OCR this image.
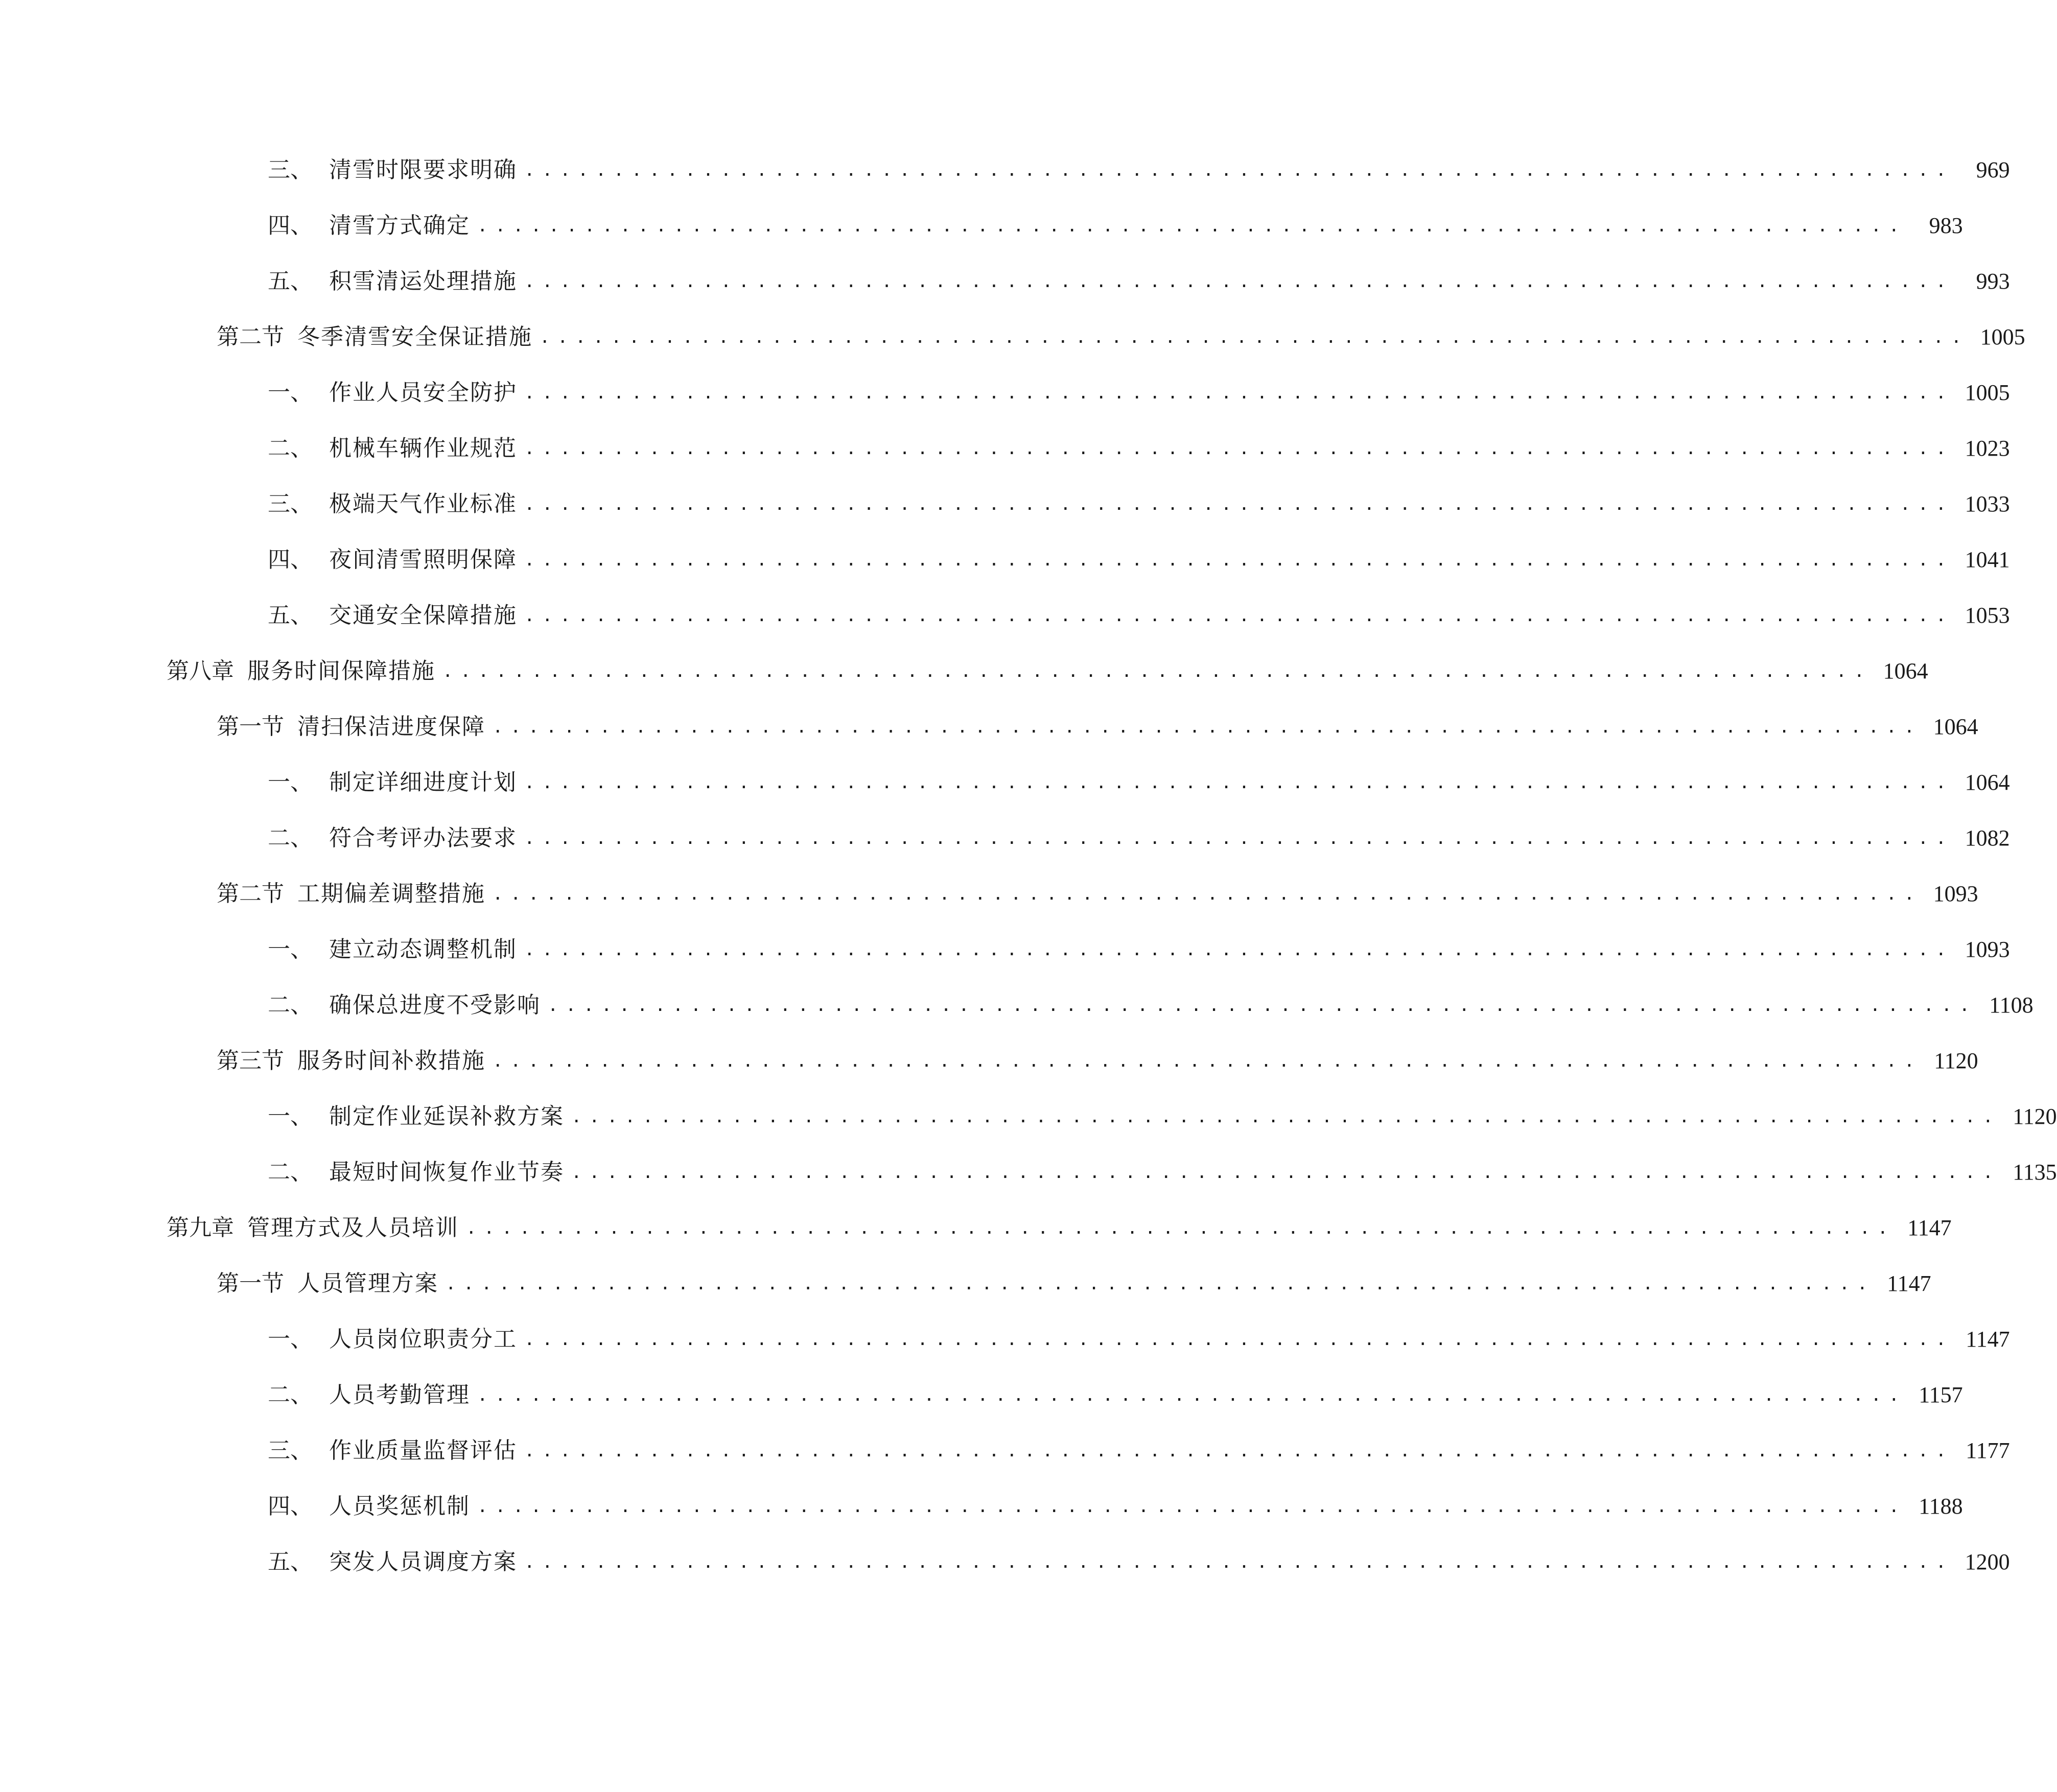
三、 清雪时限要求明确 ................................................................................	969
四、 清雪方式确定 ................................................................................	983
五、 积雪清运处理措施 ................................................................................	993
第二节 冬季清雪安全保证措施 ................................................................................ 1005
一、 作业人员安全防护 ................................................................................ 1005
二、 机械车辆作业规范 ................................................................................ 1023
三、 极端天气作业标准 ................................................................................ 1033
四、 夜间清雪照明保障 ................................................................................ 1041
五、 交通安全保障措施 ................................................................................ 1053
第八章 服务时间保障措施 ................................................................................ 1064
第一节 清扫保洁进度保障 ................................................................................ 1064
一、 制定详细进度计划 ................................................................................ 1064
二、 符合考评办法要求 ................................................................................ 1082
第二节 工期偏差调整措施 ................................................................................ 1093
一、 建立动态调整机制 ................................................................................ 1093
二、 确保总进度不受影响 ................................................................................ 1108
第三节 服务时间补救措施 ................................................................................ 1120
一、 制定作业延误补救方案 ................................................................................ 1120
二、 最短时间恢复作业节奏 ................................................................................ 1135
第九章 管理方式及人员培训 ................................................................................ 1147
第一节 人员管理方案 ................................................................................ 1147
一、 人员岗位职责分工 ................................................................................ 1147
二、 人员考勤管理 ................................................................................ 1157
三、 作业质量监督评估 ................................................................................ 1177
四、 人员奖惩机制 ................................................................................ 1188
五、 突发人员调度方案 ................................................................................ 1200
